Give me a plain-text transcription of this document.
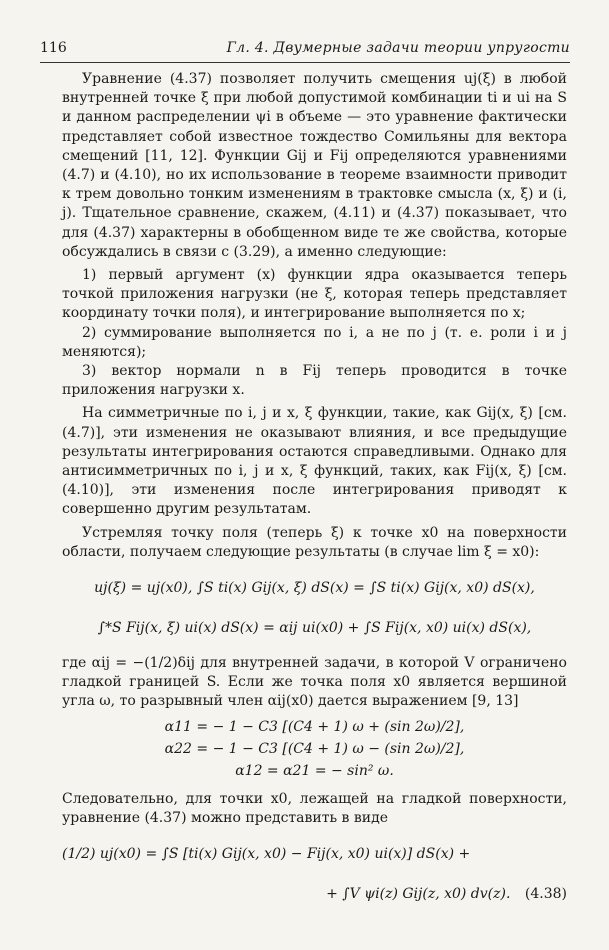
116	Гл. 4. Двумерные задачи теории упругости

Уравнение (4.37) позволяет получить смещения uj(ξ) в любой внутренней точке ξ при любой допустимой комбинации ti и ui на S и данном распределении ψi в объеме — это уравнение фактически представляет собой известное тождество Сомильяны для вектора смещений [11, 12]. Функции Gij и Fij определяются уравнениями (4.7) и (4.10), но их использование в теореме взаимности приводит к трем довольно тонким изменениям в трактовке смысла (x, ξ) и (i, j). Тщательное сравнение, скажем, (4.11) и (4.37) показывает, что для (4.37) характерны в обобщенном виде те же свойства, которые обсуждались в связи с (3.29), а именно следующие:

1) первый аргумент (x) функции ядра оказывается теперь точкой приложения нагрузки (не ξ, которая теперь представляет координату точки поля), и интегрирование выполняется по x;

2) суммирование выполняется по i, а не по j (т. е. роли i и j меняются);

3) вектор нормали n в Fij теперь проводится в точке приложения нагрузки x.

На симметричные по i, j и x, ξ функции, такие, как Gij(x, ξ) [см. (4.7)], эти изменения не оказывают влияния, и все предыдущие результаты интегрирования остаются справедливыми. Однако для антисимметричных по i, j и x, ξ функций, таких, как Fij(x, ξ) [см. (4.10)], эти изменения после интегрирования приводят к совершенно другим результатам.

Устремляя точку поля (теперь ξ) к точке x0 на поверхности области, получаем следующие результаты (в случае lim ξ = x0):

uj(ξ) = uj(x0), ∫S ti(x) Gij(x, ξ) dS(x) = ∫S ti(x) Gij(x, x0) dS(x),
∫*S Fij(x, ξ) ui(x) dS(x) = αij ui(x0) + ∫S Fij(x, x0) ui(x) dS(x),

где αij = −(1/2)δij для внутренней задачи, в которой V ограничено гладкой границей S. Если же точка поля x0 является вершиной угла ω, то разрывный член αij(x0) дается выражением [9, 13]

α11 = − 1 − C3 [(C4 + 1) ω + (sin 2ω)/2],
α22 = − 1 − C3 [(C4 + 1) ω − (sin 2ω)/2],
α12 = α21 = − sin² ω.

Следовательно, для точки x0, лежащей на гладкой поверхности, уравнение (4.37) можно представить в виде

(1/2) uj(x0) = ∫S [ti(x) Gij(x, x0) − Fij(x, x0) ui(x)] dS(x) +
+ ∫V ψi(z) Gij(z, x0) dv(z). (4.38)
